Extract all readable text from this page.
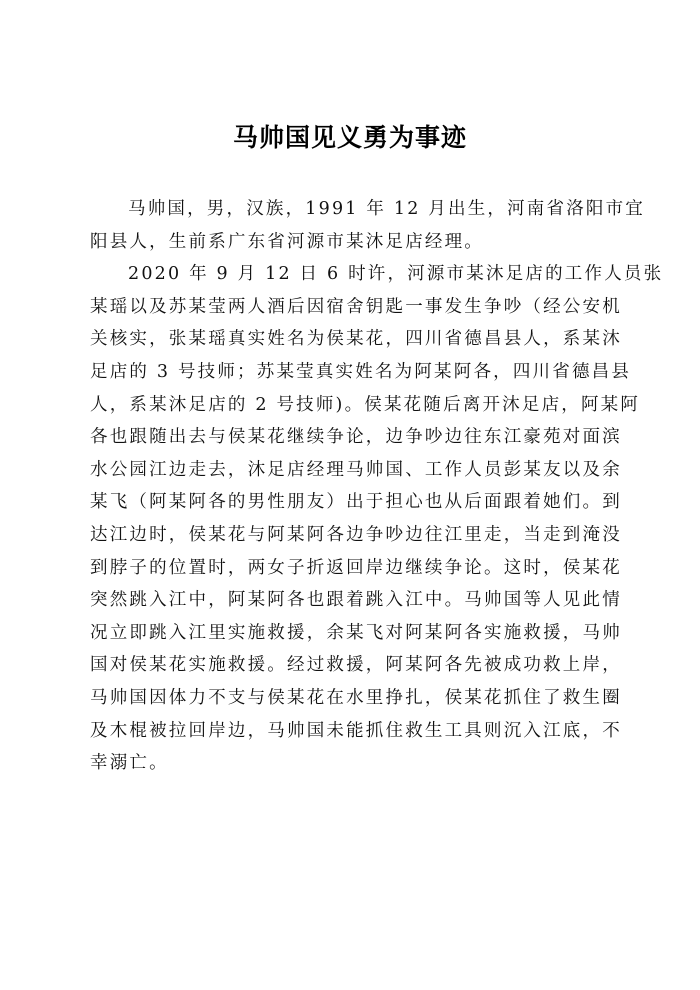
马帅国见义勇为事迹
马帅国，男，汉族，1991 年 12 月出生，河南省洛阳市宜
阳县人，生前系广东省河源市某沐足店经理。
2020 年 9 月 12 日 6 时许，河源市某沐足店的工作人员张
某瑶以及苏某莹两人酒后因宿舍钥匙一事发生争吵（经公安机
关核实，张某瑶真实姓名为侯某花，四川省德昌县人，系某沐
足店的 3 号技师；苏某莹真实姓名为阿某阿各，四川省德昌县
人，系某沐足店的 2 号技师)。侯某花随后离开沐足店，阿某阿
各也跟随出去与侯某花继续争论，边争吵边往东江豪苑对面滨
水公园江边走去，沐足店经理马帅国、工作人员彭某友以及余
某飞（阿某阿各的男性朋友）出于担心也从后面跟着她们。到
达江边时，侯某花与阿某阿各边争吵边往江里走，当走到淹没
到脖子的位置时，两女子折返回岸边继续争论。这时，侯某花
突然跳入江中，阿某阿各也跟着跳入江中。马帅国等人见此情
况立即跳入江里实施救援，余某飞对阿某阿各实施救援，马帅
国对侯某花实施救援。经过救援，阿某阿各先被成功救上岸，
马帅国因体力不支与侯某花在水里挣扎，侯某花抓住了救生圈
及木棍被拉回岸边，马帅国未能抓住救生工具则沉入江底，不
幸溺亡。
